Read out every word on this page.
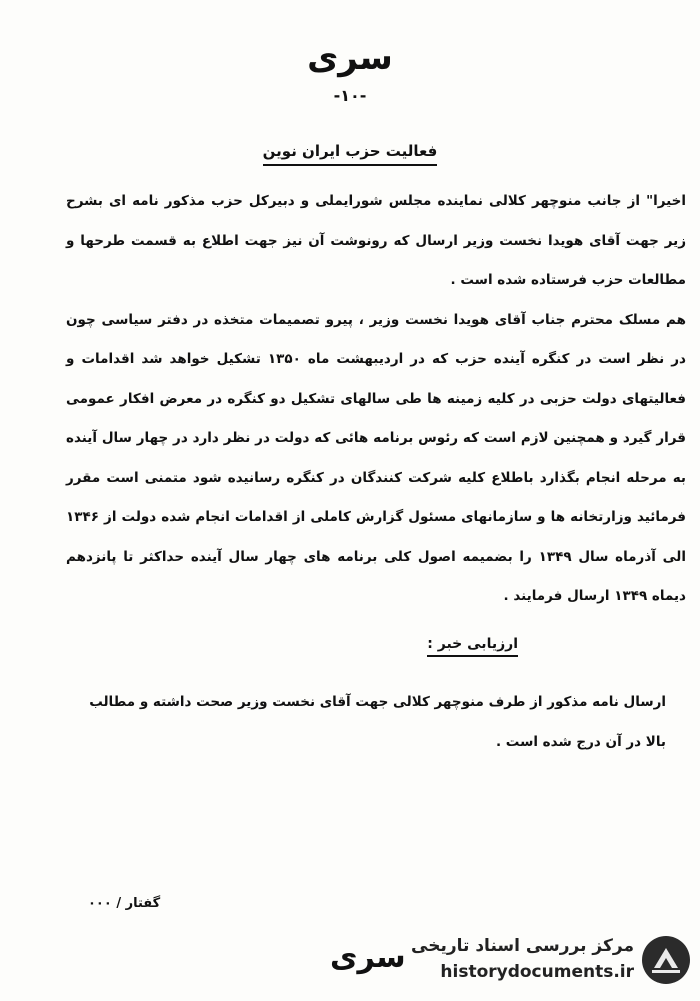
سری
-۱۰-
فعالیت حزب ایران نوین

اخیرا" از جانب منوچهر کلالی نماینده مجلس شورایملی و دبیرکل حزب مذکور نامه ای بشرح زیر جهت آقای هویدا نخست وزیر ارسال که رونوشت آن نیز جهت اطلاع به قسمت طرحها و مطالعات حزب فرستاده شده است .

هم مسلک محترم جناب آقای هویدا نخست وزیر ، پیرو تصمیمات متخذه در دفتر سیاسی چون در نظر است در کنگره آینده حزب که در اردیبهشت ماه ۱۳۵۰ تشکیل خواهد شد اقدامات و فعالیتهای دولت حزبی در کلیه زمینه ها طی سالهای تشکیل دو کنگره در معرض افکار عمومی قرار گیرد و همچنین لازم است که رئوس برنامه هائی که دولت در نظر دارد در چهار سال آینده به مرحله انجام بگذارد باطلاع کلیه شرکت کنندگان در کنگره رسانیده شود متمنی است مقرر فرمائید وزارتخانه ها و سازمانهای مسئول گزارش کاملی از اقدامات انجام شده دولت از ۱۳۴۶ الی آذرماه سال ۱۳۴۹ را بضمیمه اصول کلی برنامه های چهار سال آینده حداکثر تا پانزدهم دیماه ۱۳۴۹ ارسال فرمایند .

ارزیابی خبر :

ارسال نامه مذکور از طرف منوچهر کلالی جهت آقای نخست وزیر صحت داشته و مطالب بالا در آن درج شده است .

گفتار / ۰۰۰
سری مرکز بررسی اسناد تاریخی
historydocuments.ir
